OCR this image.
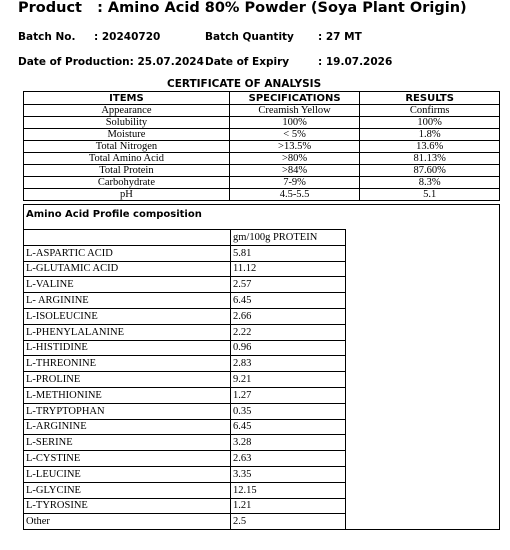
Product : Amino Acid 80% Powder (Soya Plant Origin)
Batch No. : 20240720	Batch Quantity : 27 MT
Date of Production: 25.07.2024 Date of Expiry	: 19.07.2026
CERTIFICATE OF ANALYSIS
ITEMS	SPECIFICATIONS	RESULTS
Appearance	Creamish Yellow	Confirms
Solubility	100%	100%
Moisture	< 5%	1.8%
Total Nitrogen	>13.5%	13.6%
Total Amino Acid	>80%	81.13%
Total Protein	>84%	87.60%
Carbohydrate	7-9%	8.3%
pH	4.5-5.5	5.1
Amino Acid Profile composition
	gm/100g PROTEIN	
L-ASPARTIC ACID	5.81	
L-GLUTAMIC ACID	11.12	
L-VALINE	2.57	
L- ARGININE	6.45	
L-ISOLEUCINE	2.66	
L-PHENYLALANINE	2.22	
L-HISTIDINE	0.96	
L-THREONINE	2.83	
L-PROLINE	9.21	
L-METHIONINE	1.27	
L-TRYPTOPHAN	0.35	
L-ARGININE	6.45	
L-SERINE	3.28	
L-CYSTINE	2.63	
L-LEUCINE	3.35	
L-GLYCINE	12.15	
L-TYROSINE	1.21	
Other	2.5	
